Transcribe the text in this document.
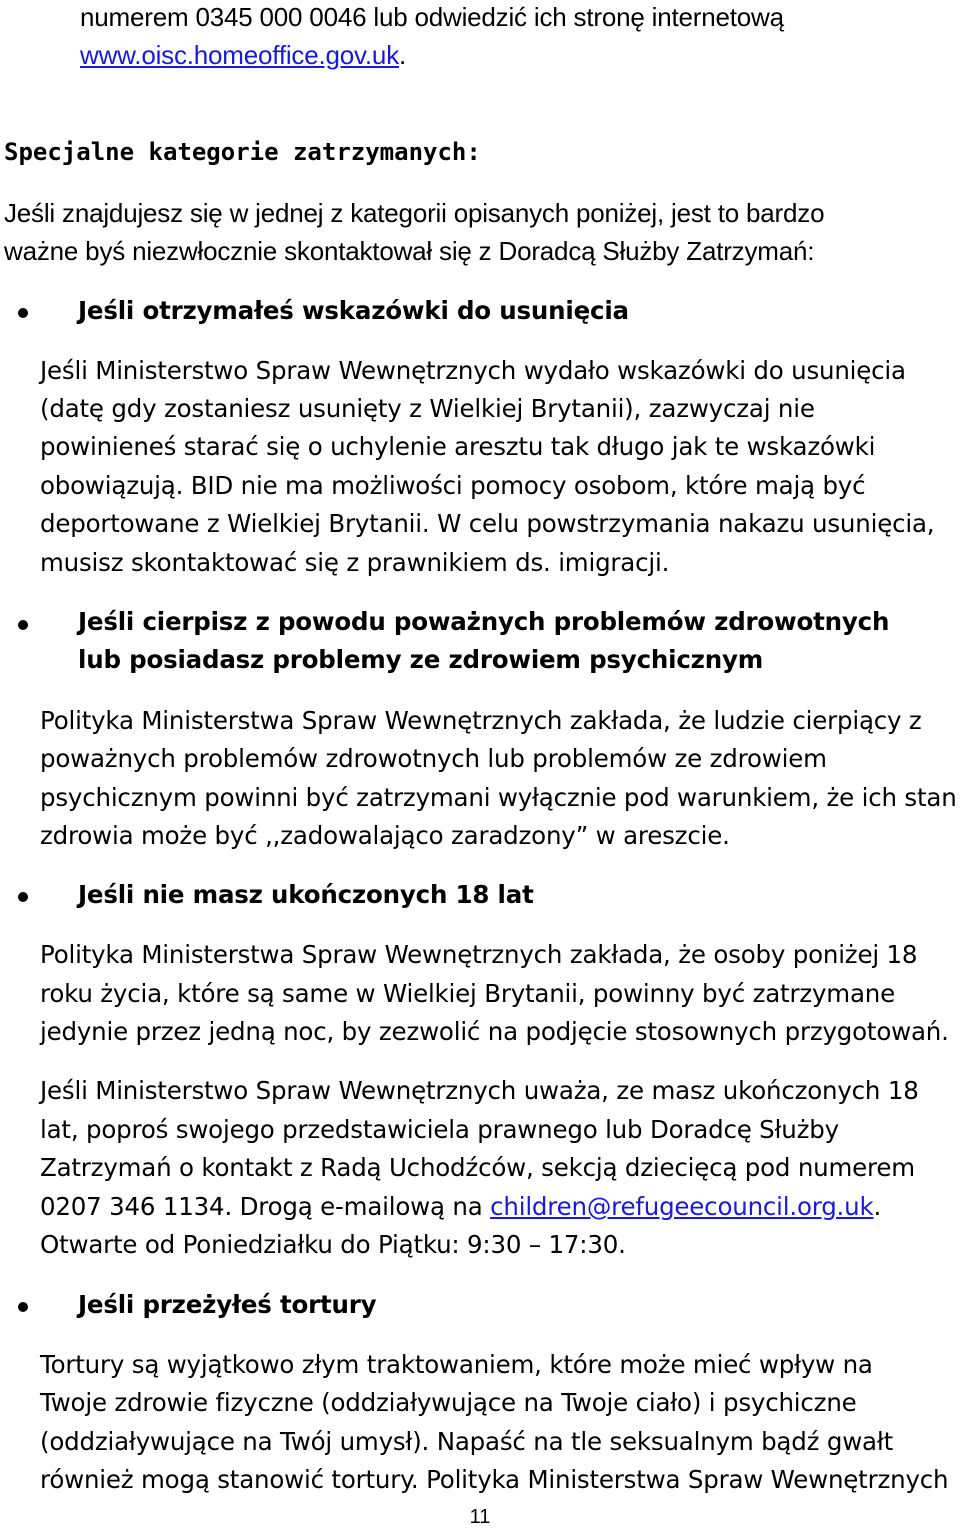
numerem 0345 000 0046 lub odwiedzić ich stronę internetową
www.oisc.homeoffice.gov.uk.
Specjalne kategorie zatrzymanych:
Jeśli znajdujesz się w jednej z kategorii opisanych poniżej, jest to bardzo
ważne byś niezwłocznie skontaktował się z Doradcą Służby Zatrzymań:
Jeśli otrzymałeś wskazówki do usunięcia
Jeśli Ministerstwo Spraw Wewnętrznych wydało wskazówki do usunięcia
(datę gdy zostaniesz usunięty z Wielkiej Brytanii), zazwyczaj nie
powinieneś starać się o uchylenie aresztu tak długo jak te wskazówki
obowiązują. BID nie ma możliwości pomocy osobom, które mają być
deportowane z Wielkiej Brytanii. W celu powstrzymania nakazu usunięcia,
musisz skontaktować się z prawnikiem ds. imigracji.
Jeśli cierpisz z powodu poważnych problemów zdrowotnych
lub posiadasz problemy ze zdrowiem psychicznym
Polityka Ministerstwa Spraw Wewnętrznych zakłada, że ludzie cierpiący z
poważnych problemów zdrowotnych lub problemów ze zdrowiem
psychicznym powinni być zatrzymani wyłącznie pod warunkiem, że ich stan
zdrowia może być ,,zadowalająco zaradzony” w areszcie.
Jeśli nie masz ukończonych 18 lat
Polityka Ministerstwa Spraw Wewnętrznych zakłada, że osoby poniżej 18
roku życia, które są same w Wielkiej Brytanii, powinny być zatrzymane
jedynie przez jedną noc, by zezwolić na podjęcie stosownych przygotowań.
Jeśli Ministerstwo Spraw Wewnętrznych uważa, ze masz ukończonych 18
lat, poproś swojego przedstawiciela prawnego lub Doradcę Służby
Zatrzymań o kontakt z Radą Uchodźców, sekcją dziecięcą pod numerem
0207 346 1134. Drogą e-mailową na children@refugeecouncil.org.uk.
Otwarte od Poniedziałku do Piątku: 9:30 – 17:30.
Jeśli przeżyłeś tortury
Tortury są wyjątkowo złym traktowaniem, które może mieć wpływ na
Twoje zdrowie fizyczne (oddziaływujące na Twoje ciało) i psychiczne
(oddziaływujące na Twój umysł). Napaść na tle seksualnym bądź gwałt
również mogą stanowić tortury. Polityka Ministerstwa Spraw Wewnętrznych
11
